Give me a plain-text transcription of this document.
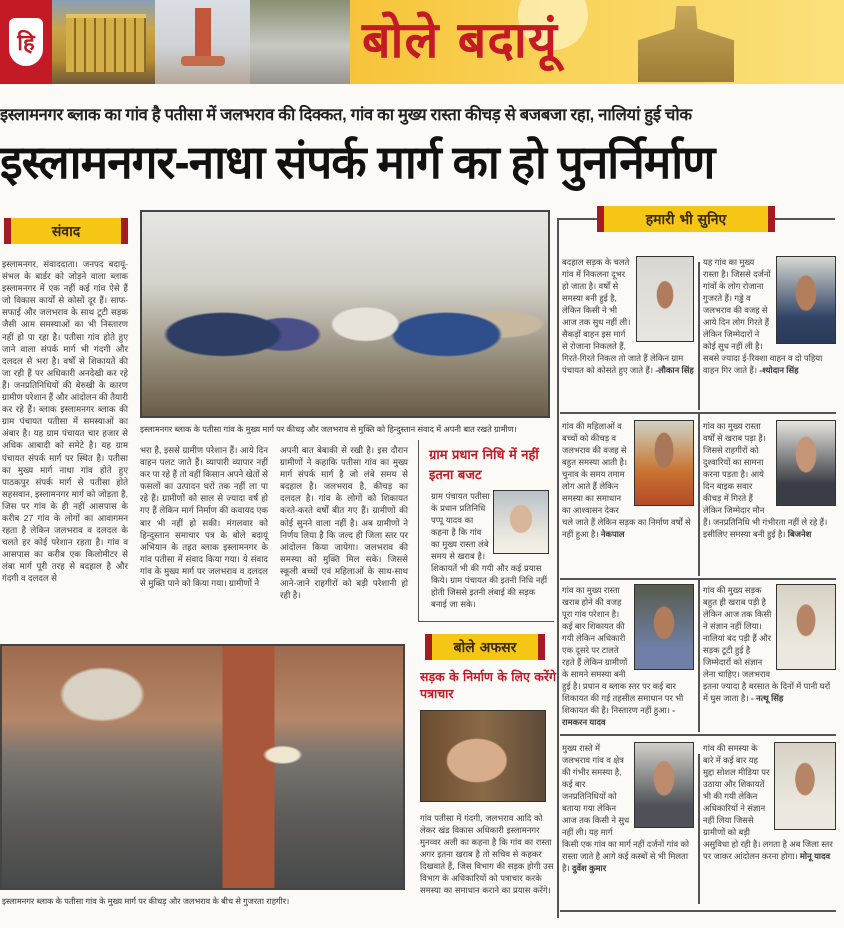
हि	बोले बदायूं
इस्लामनगर ब्लाक का गांव है पतीसा में जलभराव की दिक्कत, गांव का मुख्य रास्ता कीचड़ से बजबजा रहा, नालियां हुई चोक
इस्लामनगर-नाधा संपर्क मार्ग का हो पुनर्निर्माण
संवाद
इस्लामनगर, संवाददाता। जनपद बदायूं-संभल के बार्डर को जोड़ने वाला ब्लाक इस्लामनगर में एक नहीं कई गांव ऐसे हैं जो विकास कार्यों से कोसों दूर हैं। साफ-सफाई और जलभराव के साथ टूटी सड़क जैसी आम समस्याओं का भी निस्तारण नहीं हो पा रहा है। पतीसा गांव होते हुए जाने वाला संपर्क मार्ग भी गंदगी और दलदल से भरा है। वर्षों से शिकायतें की जा रही हैं पर अधिकारी अनदेखी कर रहे हैं। जनप्रतिनिधियों की बेरुखी के कारण ग्रामीण परेशान हैं और आंदोलन की तैयारी कर रहे हैं। ब्लाक इस्लामनगर ब्लाक की ग्राम पंचायत पतीसा में समस्याओं का अंबार है। यह ग्राम पंचायत चार हजार से अधिक आबादी को समेटे है। यह ग्राम पंचायत संपर्क मार्ग पर स्थित है। पतीसा का मुख्य मार्ग नाधा गांव होते हुए पाठकपुर संपर्क मार्ग से पतीसा होते सहसवान, इस्लामनगर मार्ग को जोड़ता है, जिस पर गांव के ही नहीं आसपास के करीब 27 गांव के लोगों का आवागमन रहता है लेकिन जलभराव व दलदल के चलते हर कोई परेशान रहता है। गांव व आसपास का करीब एक किलोमीटर से लंबा मार्ग पूरी तरह से बदहाल है और गंदगी व दलदल से
इस्लामनगर ब्लाक के पतीसा गांव के मुख्य मार्ग पर कीचड़ और जलभराव से मुक्ति को हिन्दुस्तान संवाद में अपनी बात रखते ग्रामीण।
भरा है, इससे ग्रामीण परेशान हैं। आये दिन वाहन पलट जाते हैं। व्यापारी व्यापार नहीं कर पा रहे हैं तो वहीं किसान अपने खेतों से फसलों का उत्पादन घरों तक नहीं ला पा रहे हैं। ग्रामीणों को साल से ज्यादा वर्ष हो गए हैं लेकिन मार्ग निर्माण की कवायद एक बार भी नहीं हो सकी। मंगलवार को हिन्दुस्तान समाचार पत्र के बोले बदायूं अभियान के तहत ब्लाक इस्लामनगर के गांव पतीसा में संवाद किया गया। ये संवाद गांव के मुख्य मार्ग पर जलभराव व दलदल से मुक्ति पाने को किया गया। ग्रामीणों ने
अपनी बात बेबाकी से रखी है। इस दौरान ग्रामीणों ने कहाकि पतीसा गांव का मुख्य मार्ग संपर्क मार्ग है जो लंबे समय से बदहाल है। जलभराव है, कीचड़ का दलदल है। गांव के लोगों को शिकायत करते-करते वर्षों बीत गए हैं। ग्रामीणों की कोई सुनने वाला नहीं है। अब ग्रामीणों ने निर्णय लिया है कि जल्द ही जिला स्तर पर आंदोलन किया जायेगा। जलभराव की समस्या को मुक्ति मिल सके। जिससे स्कूली बच्चों एवं महिलाओं के साथ-साथ आने-जाने राहगीरों को बड़ी परेशानी हो रही है।
इस्लामनगर ब्लाक के पतीसा गांव के मुख्य मार्ग पर कीचड़ और जलभराव के बीच से गुजरता राहगीर।
ग्राम प्रधान निधि में नहीं इतना बजट
ग्राम पंचायत पतीसा के प्रधान प्रतिनिधि पप्पू यादव का कहना है कि गांव का मुख्य रास्ता लंबे समय से खराब है। शिकायतें भी की गयी और कई प्रयास किये। ग्राम पंचायत की इतनी निधि नहीं होती जिससे इतनी लंबाई की सड़क बनाई जा सके।
बोले अफसर
सड़क के निर्माण के लिए करेंगे पत्राचार
गांव पतीसा में गंदगी, जलभराव आदि को लेकर खंड विकास अधिकारी इस्लामनगर मुनव्वर अली का कहना है कि गांव का रास्ता अगर इतना खराब है तो सचिव से कहकर दिखवाते हैं, जिस विभाग की सड़क होगी उस विभाग के अधिकारियों को पत्राचार करके समस्या का समाधान कराने का प्रयास करेंगे।
हमारी भी सुनिए
बदहाल सड़क के चलते गांव में निकलना दूभर हो जाता है। वर्षों से समस्या बनी हुई है, लेकिन किसी ने भी आज तक सुध नहीं ली। सैकड़ों वाहन इस मार्ग से रोजाना निकलते हैं, गिरते-गिरते निकल तो जाते हैं लेकिन ग्राम पंचायत को कोसते हुए जाते हैं। -लौकान सिंह
यह गांव का मुख्य रास्ता है। जिससे दर्जनों गांवों के लोग रोजाना गुजरते हैं। गड्ढे व जलभराव की वजह से आये दिन लोग गिरते हैं लेकिन जिम्मेदारों ने कोई सुध नहीं ली है। सबसे ज्यादा ई-रिक्शा वाहन व दो पहिया वाहन गिर जाते हैं। -श्योदान सिंह
गांव की महिलाओं व बच्चों को कीचड़ व जलभराव की वजह से बहुत समस्या आती है। चुनाव के समय तमाम लोग आते हैं लेकिन समस्या का समाधान का आश्वासन देकर चले जाते हैं लेकिन सड़क का निर्माण वर्षों से नहीं हुआ है। नेकपाल
गांव का मुख्य रास्ता वर्षों से खराब पड़ा है। जिससे राहगीरों को दुश्वारियों का सामना करना पड़ता है। आये दिन बाइक सवार कीचड़ में गिरते हैं लेकिन जिम्मेदार मौन हैं। जनप्रतिनिधि भी गंभीरता नहीं ले रहे हैं। इसीलिए समस्या बनी हुई है। बिजनेश
गांव का मुख्य रास्ता खराब होने की वजह पूरा गांव परेशान है। कई बार शिकायत की गयी लेकिन अधिकारी एक दूसरे पर टालते रहते हैं लेकिन ग्रामीणों के सामने समस्या बनी हुई है। प्रधान व ब्लाक स्तर पर कई बार शिकायत की गई तहसील समाधान पर भी शिकायत की है। निस्तारण नहीं हुआ। - रामकरन यादव
गांव की मुख्य सड़क बहुत ही खराब पड़ी है लेकिन आज तक किसी ने संज्ञान नहीं लिया। नालियां बंद पड़ी हैं और सड़क टूटी हुई है जिम्मेदारों को संज्ञान लेना चाहिए। जलभराव इतना ज्यादा है बरसात के दिनों में पानी घरों में घुस जाता है। - नत्थू सिंह
मुख्य रास्ते में जलभराव गांव व क्षेत्र की गंभीर समस्या है, कई बार जनप्रतिनिधियों को बताया गया लेकिन आज तक किसी ने सुध नहीं ली। यह मार्ग किसी एक गांव का मार्ग नहीं दर्जनों गांव को रास्ता जाते है आगे कई कस्बों से भी मिलता है। दुर्वेश कुमार
गांव की समस्या के बारे में कई बार यह मुद्दा सोशल मीडिया पर उठाया और शिकायतें भी की गयी लेकिन अधिकारियों ने संज्ञान नहीं लिया जिससे ग्रामीणों को बड़ी असुविधा हो रही है। लगता है अब जिला स्तर पर जाकर आंदोलन करना होगा। मोनू यादव
